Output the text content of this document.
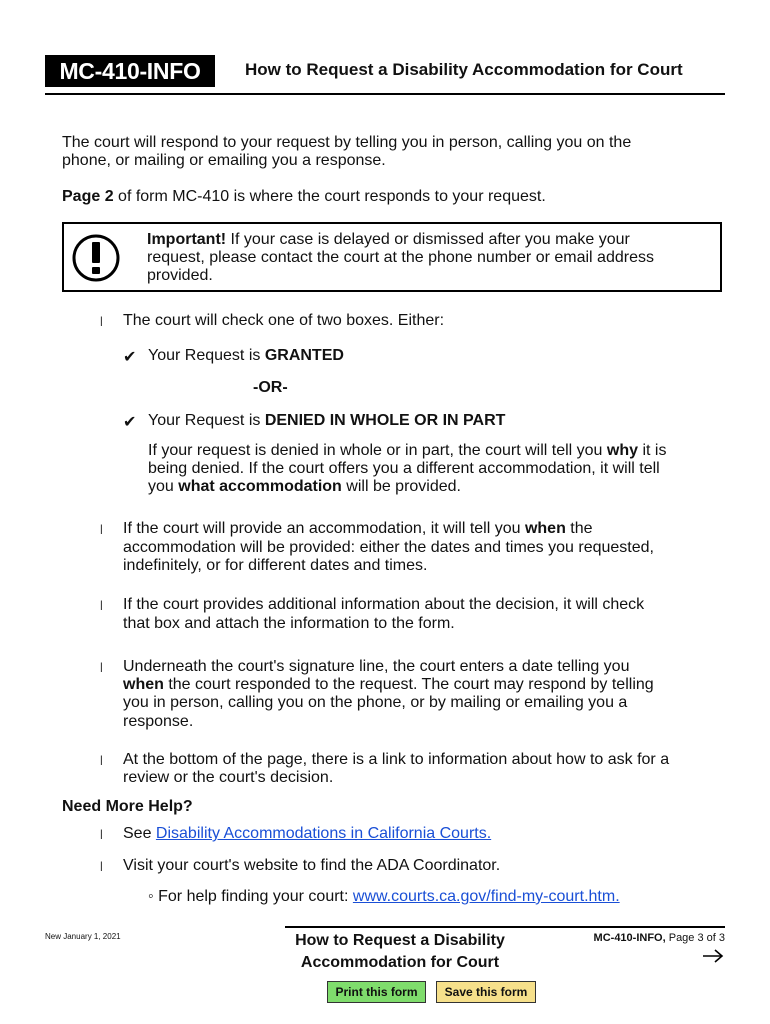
MC-410-INFO	How to Request a Disability Accommodation for Court
The court will respond to your request by telling you in person, calling you on the
phone, or mailing or emailing you a response.
Page 2 of form MC-410 is where the court responds to your request.
Important! If your case is delayed or dismissed after you make your
request, please contact the court at the phone number or email address
provided.
l The court will check one of two boxes. Either:
✔ Your Request is GRANTED
-OR-
✔ Your Request is DENIED IN WHOLE OR IN PART
If your request is denied in whole or in part, the court will tell you why it is
being denied. If the court offers you a different accommodation, it will tell
you what accommodation will be provided.
l If the court will provide an accommodation, it will tell you when the
accommodation will be provided: either the dates and times you requested,
indefinitely, or for different dates and times.
l If the court provides additional information about the decision, it will check
that box and attach the information to the form.
l Underneath the court's signature line, the court enters a date telling you
when the court responded to the request. The court may respond by telling
you in person, calling you on the phone, or by mailing or emailing you a
response.
l At the bottom of the page, there is a link to information about how to ask for a
review or the court's decision.
Need More Help?
l See Disability Accommodations in California Courts.
l Visit your court's website to find the ADA Coordinator.
◦ For help finding your court: www.courts.ca.gov/find-my-court.htm.
New January 1, 2021	How to Request a Disability
Accommodation for Court
MC-410-INFO, Page 3 of 3
Print this form	Save this form
